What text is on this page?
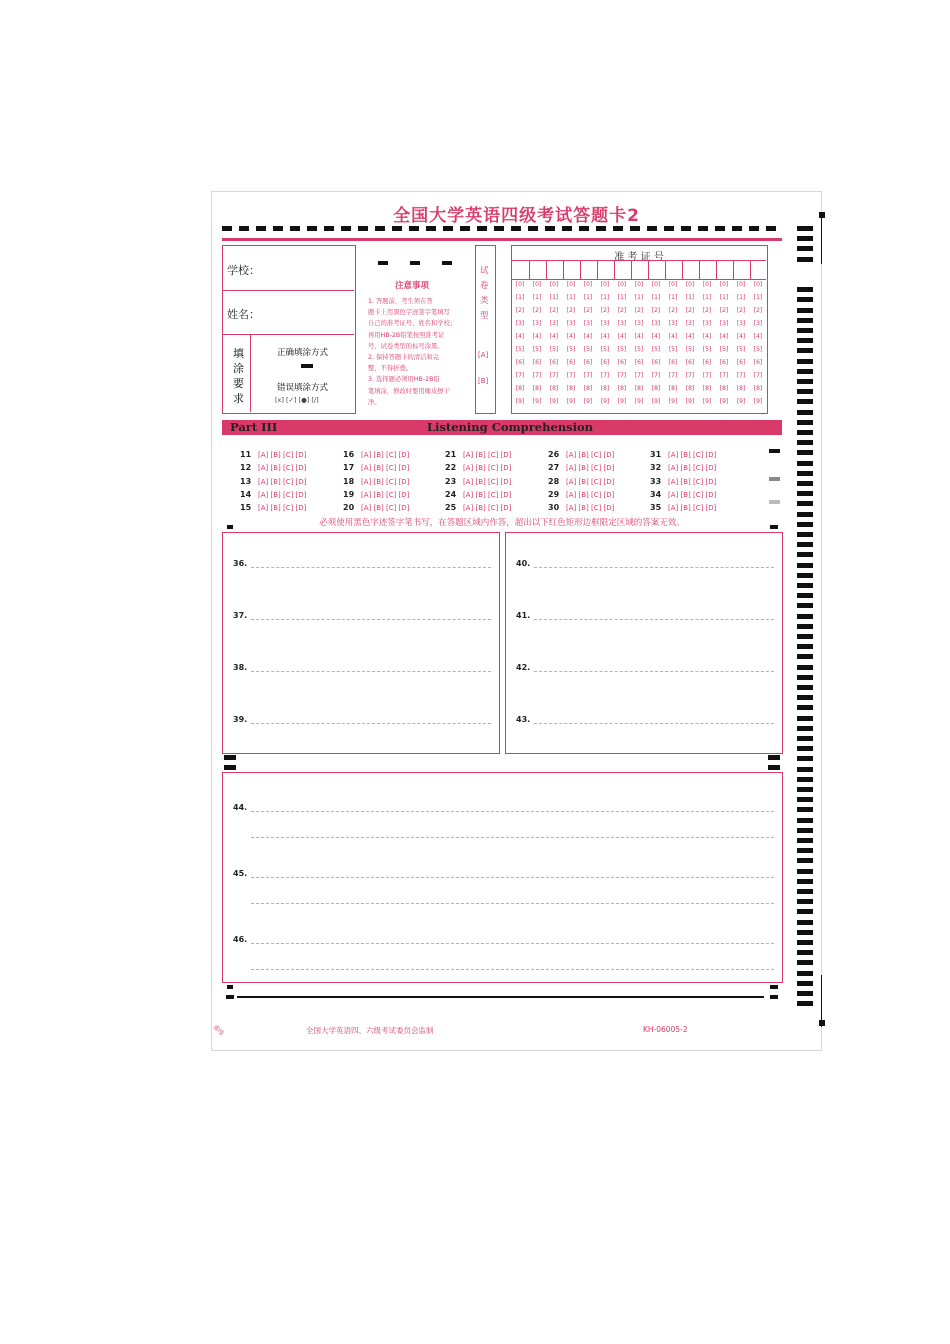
全国大学英语四级考试答题卡2
学校：
姓名：
填
涂
要
求
正确填涂方式
错误填涂方式
[x] [✓] [●] [/]
注意事项
1. 答题前，考生须在答
题卡上用黑色字迹签字笔填写
自己的准考证号、姓名和学校；
再用HB-2B铅笔按照准考证
号、试卷类型的标号涂黑。
2. 保持答题卡的清洁和完
整，不得折叠。
3. 选择题必须用HB-2B铅
笔填涂，修改时要用橡皮擦干
净。
试
卷
类
型
[A]
[B]
准 考 证 号
[0]
[1]
[2]
[3]
[4]
[5]
[6]
[7]
[8]
[9]
[0]
[1]
[2]
[3]
[4]
[5]
[6]
[7]
[8]
[9]
[0]
[1]
[2]
[3]
[4]
[5]
[6]
[7]
[8]
[9]
[0]
[1]
[2]
[3]
[4]
[5]
[6]
[7]
[8]
[9]
[0]
[1]
[2]
[3]
[4]
[5]
[6]
[7]
[8]
[9]
[0]
[1]
[2]
[3]
[4]
[5]
[6]
[7]
[8]
[9]
[0]
[1]
[2]
[3]
[4]
[5]
[6]
[7]
[8]
[9]
[0]
[1]
[2]
[3]
[4]
[5]
[6]
[7]
[8]
[9]
[0]
[1]
[2]
[3]
[4]
[5]
[6]
[7]
[8]
[9]
[0]
[1]
[2]
[3]
[4]
[5]
[6]
[7]
[8]
[9]
[0]
[1]
[2]
[3]
[4]
[5]
[6]
[7]
[8]
[9]
[0]
[1]
[2]
[3]
[4]
[5]
[6]
[7]
[8]
[9]
[0]
[1]
[2]
[3]
[4]
[5]
[6]
[7]
[8]
[9]
[0]
[1]
[2]
[3]
[4]
[5]
[6]
[7]
[8]
[9]
[0]
[1]
[2]
[3]
[4]
[5]
[6]
[7]
[8]
[9]
Part III	Listening Comprehension
11 [A] [B] [C] [D]
12 [A] [B] [C] [D]
13 [A] [B] [C] [D]
14 [A] [B] [C] [D]
15 [A] [B] [C] [D]
16 [A] [B] [C] [D]
17 [A] [B] [C] [D]
18 [A] [B] [C] [D]
19 [A] [B] [C] [D]
20 [A] [B] [C] [D]
21 [A] [B] [C] [D]
22 [A] [B] [C] [D]
23 [A] [B] [C] [D]
24 [A] [B] [C] [D]
25 [A] [B] [C] [D]
26 [A] [B] [C] [D]
27 [A] [B] [C] [D]
28 [A] [B] [C] [D]
29 [A] [B] [C] [D]
30 [A] [B] [C] [D]
31 [A] [B] [C] [D]
32 [A] [B] [C] [D]
33 [A] [B] [C] [D]
34 [A] [B] [C] [D]
35 [A] [B] [C] [D]
必须使用黑色字迹签字笔书写，在答题区域内作答，超出以下红色矩形边框限定区域的答案无效。
36.
37.
38.
39.
40.
41.
42.
43.
44.
45.
46.
全国大学英语四、六级考试委员会监制	KH-06005-2
虚线
